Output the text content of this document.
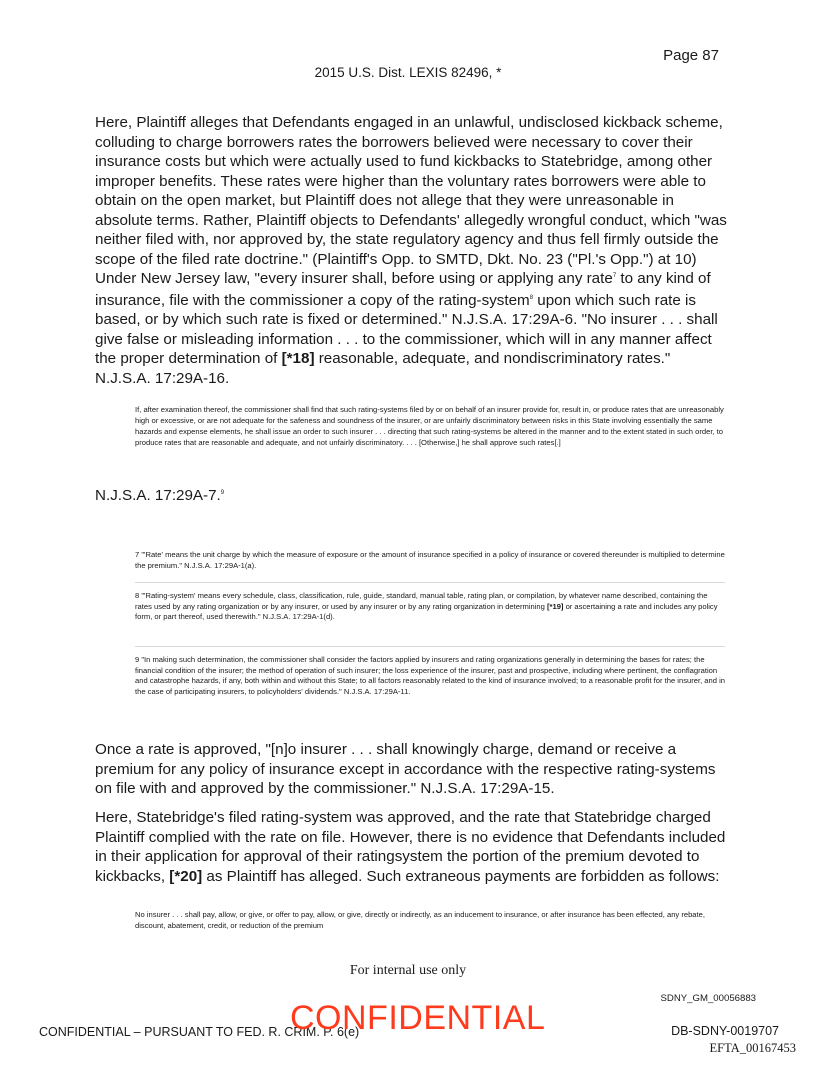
Page 87
2015 U.S. Dist. LEXIS 82496, *
Here, Plaintiff alleges that Defendants engaged in an unlawful, undisclosed kickback scheme, colluding to charge borrowers rates the borrowers believed were necessary to cover their insurance costs but which were actually used to fund kickbacks to Statebridge, among other improper benefits. These rates were higher than the voluntary rates borrowers were able to obtain on the open market, but Plaintiff does not allege that they were unreasonable in absolute terms. Rather, Plaintiff objects to Defendants' allegedly wrongful conduct, which "was neither filed with, nor approved by, the state regulatory agency and thus fell firmly outside the scope of the filed rate doctrine." (Plaintiff's Opp. to SMTD, Dkt. No. 23 ("Pl.'s Opp.") at 10)
Under New Jersey law, "every insurer shall, before using or applying any rate$^7$ to any kind of insurance, file with the commissioner a copy of the rating-system$^8$ upon which such rate is based, or by which such rate is fixed or determined." N.J.S.A. 17:29A-6. "No insurer . . . shall give false or misleading information . . . to the commissioner, which will in any manner affect the proper determination of [*18] reasonable, adequate, and nondiscriminatory rates." N.J.S.A. 17:29A-16.
If, after examination thereof, the commissioner shall find that such rating-systems filed by or on behalf of an insurer provide for, result in, or produce rates that are unreasonably high or excessive, or are not adequate for the safeness and soundness of the insurer, or are unfairly discriminatory between risks in this State involving essentially the same hazards and expense elements, he shall issue an order to such insurer . . . directing that such rating-systems be altered in the manner and to the extent stated in such order, to produce rates that are reasonable and adequate, and not unfairly discriminatory. . . . [Otherwise,] he shall approve such rates[.]
N.J.S.A. 17:29A-7.$^9$
7 "'Rate' means the unit charge by which the measure of exposure or the amount of insurance specified in a policy of insurance or covered thereunder is multiplied to determine the premium." N.J.S.A. 17:29A-1(a).
8 "'Rating-system' means every schedule, class, classification, rule, guide, standard, manual table, rating plan, or compilation, by whatever name described, containing the rates used by any rating organization or by any insurer, or used by any insurer or by any rating organization in determining [*19] or ascertaining a rate and includes any policy form, or part thereof, used therewith." N.J.S.A. 17:29A-1(d).
9 "In making such determination, the commissioner shall consider the factors applied by insurers and rating organizations generally in determining the bases for rates; the financial condition of the insurer; the method of operation of such insurer; the loss experience of the insurer, past and prospective, including where pertinent, the conflagration and catastrophe hazards, if any, both within and without this State; to all factors reasonably related to the kind of insurance involved; to a reasonable profit for the insurer, and in the case of participating insurers, to policyholders' dividends." N.J.S.A. 17:29A-11.
Once a rate is approved, "[n]o insurer . . . shall knowingly charge, demand or receive a premium for any policy of insurance except in accordance with the respective rating-systems on file with and approved by the commissioner." N.J.S.A. 17:29A-15.
Here, Statebridge's filed rating-system was approved, and the rate that Statebridge charged Plaintiff complied with the rate on file. However, there is no evidence that Defendants included in their application for approval of their ratingsystem the portion of the premium devoted to kickbacks, [*20] as Plaintiff has alleged. Such extraneous payments are forbidden as follows:
No insurer . . . shall pay, allow, or give, or offer to pay, allow, or give, directly or indirectly, as an inducement to insurance, or after insurance has been effected, any rebate, discount, abatement, credit, or reduction of the premium
For internal use only
SDNY_GM_00056883
CONFIDENTIAL – PURSUANT TO FED. R. CRIM. P. 6(e)
CONFIDENTIAL	DB-SDNY-0019707
EFTA_00167453
